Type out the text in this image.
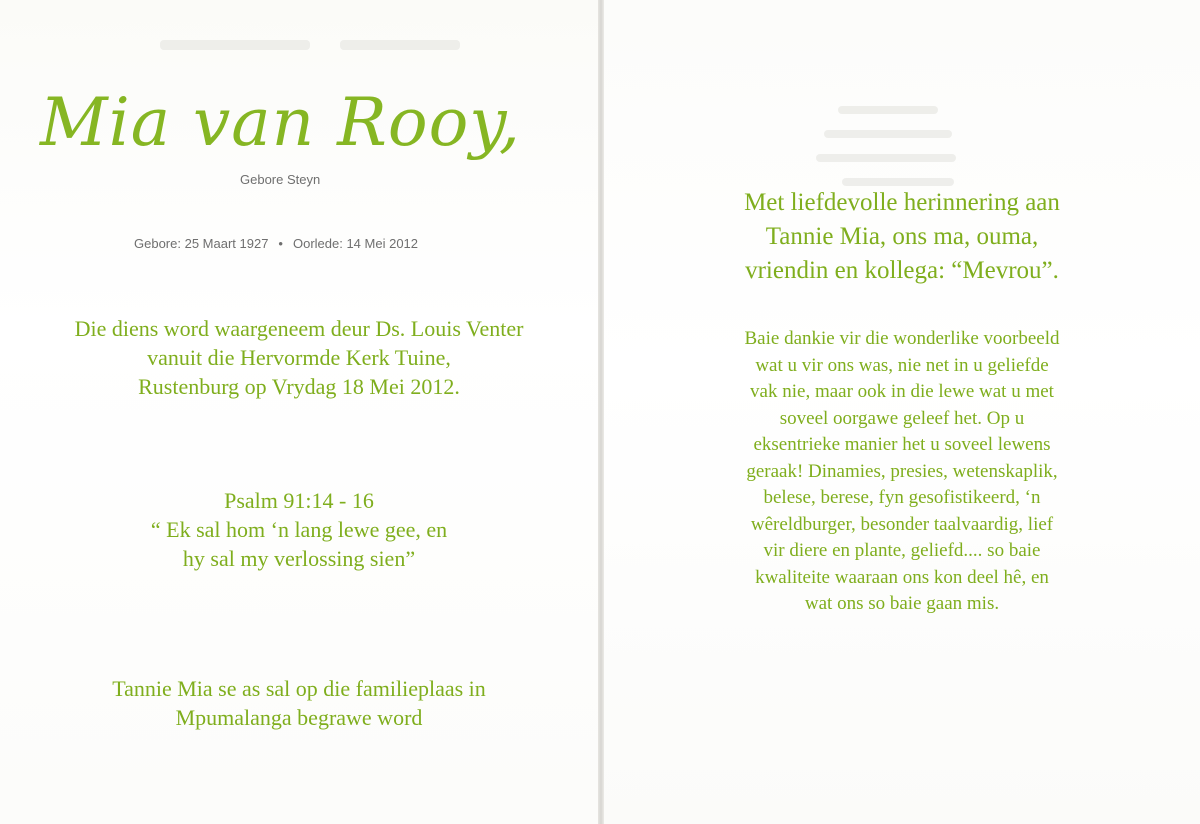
Mia van Rooy,
Gebore Steyn
Gebore: 25 Maart 1927 • Oorlede: 14 Mei 2012
Die diens word waargeneem deur Ds. Louis Venter
vanuit die Hervormde Kerk Tuine,
Rustenburg op Vrydag 18 Mei 2012.
Psalm 91:14 - 16
“ Ek sal hom ‘n lang lewe gee, en
hy sal my verlossing sien”
Tannie Mia se as sal op die familieplaas in
Mpumalanga begrawe word
Met liefdevolle herinnering aan
Tannie Mia, ons ma, ouma,
vriendin en kollega: “Mevrou”.
Baie dankie vir die wonderlike voorbeeld
wat u vir ons was, nie net in u geliefde
vak nie, maar ook in die lewe wat u met
soveel oorgawe geleef het. Op u
eksentrieke manier het u soveel lewens
geraak! Dinamies, presies, wetenskaplik,
belese, berese, fyn gesofistikeerd, ‘n
wêreldburger, besonder taalvaardig, lief
vir diere en plante, geliefd.... so baie
kwaliteite waaraan ons kon deel hê, en
wat ons so baie gaan mis.
